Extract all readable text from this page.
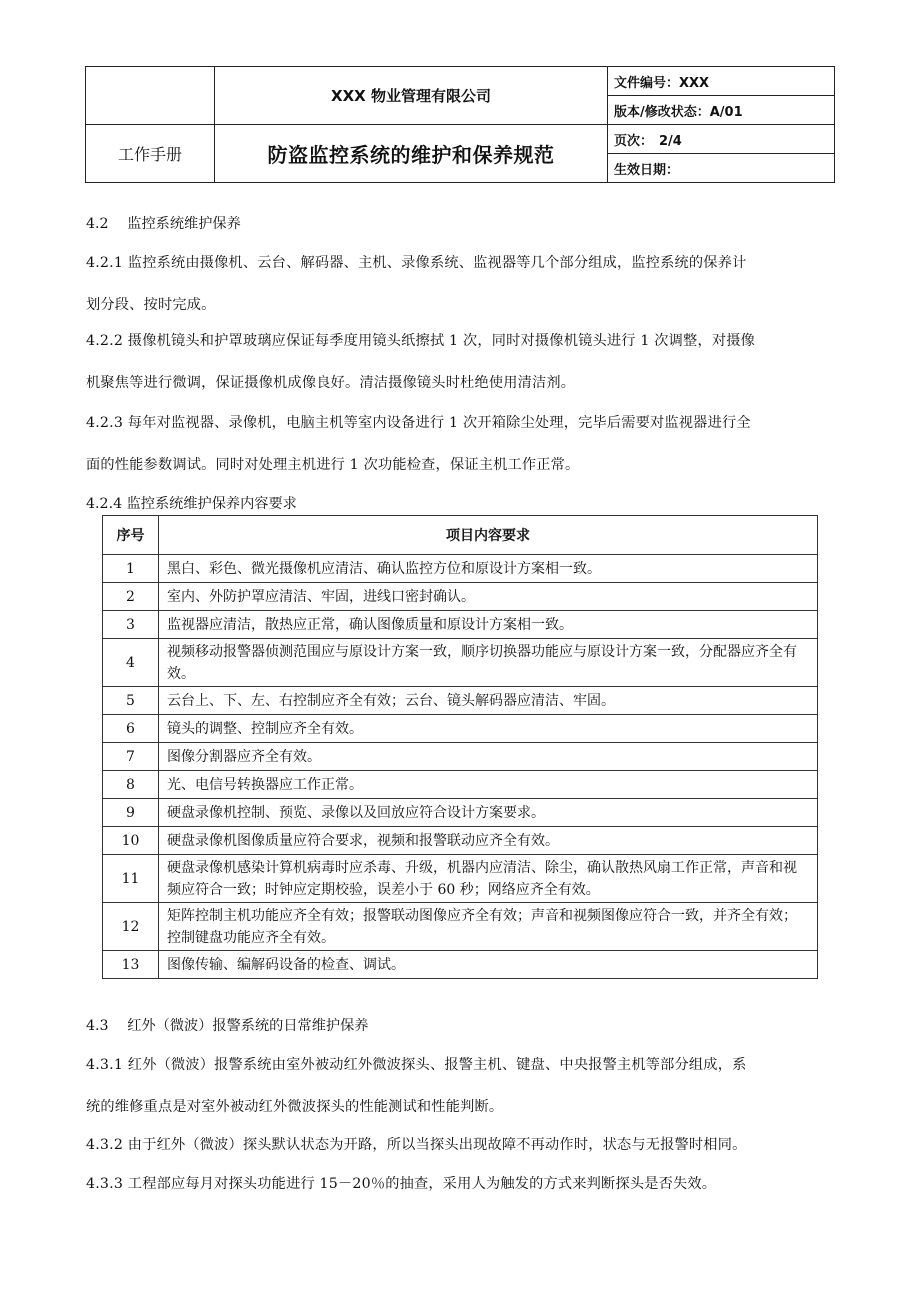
	XXX 物业管理有限公司	文件编号：XXX
		版本/修改状态：A/01
工作手册	防盗监控系统的维护和保养规范	页次： 2/4
		生效日期：

4.2　 监控系统维护保养

4.2.1 监控系统由摄像机、云台、解码器、主机、录像系统、监视器等几个部分组成，监控系统的保养计
划分段、按时完成。
4.2.2 摄像机镜头和护罩玻璃应保证每季度用镜头纸擦拭 1 次，同时对摄像机镜头进行 1 次调整，对摄像
机聚焦等进行微调，保证摄像机成像良好。清洁摄像镜头时杜绝使用清洁剂。
4.2.3 每年对监视器、录像机，电脑主机等室内设备进行 1 次开箱除尘处理，完毕后需要对监视器进行全
面的性能参数调试。同时对处理主机进行 1 次功能检查，保证主机工作正常。

4.2.4 监控系统维护保养内容要求

序号	项目内容要求
1	黑白、彩色、微光摄像机应清洁、确认监控方位和原设计方案相一致。
2	室内、外防护罩应清洁、牢固，进线口密封确认。
3	监视器应清洁，散热应正常，确认图像质量和原设计方案相一致。
4	视频移动报警器侦测范围应与原设计方案一致，顺序切换器功能应与原设计方案一致，分配器应齐全有效。
5	云台上、下、左、右控制应齐全有效；云台、镜头解码器应清洁、牢固。
6	镜头的调整、控制应齐全有效。
7	图像分割器应齐全有效。
8	光、电信号转换器应工作正常。
9	硬盘录像机控制、预览、录像以及回放应符合设计方案要求。
10	硬盘录像机图像质量应符合要求，视频和报警联动应齐全有效。
11	硬盘录像机感染计算机病毒时应杀毒、升级，机器内应清洁、除尘，确认散热风扇工作正常，声音和视频应符合一致；时钟应定期校验，误差小于 60 秒；网络应齐全有效。
12	矩阵控制主机功能应齐全有效；报警联动图像应齐全有效；声音和视频图像应符合一致，并齐全有效；控制键盘功能应齐全有效。
13	图像传输、编解码设备的检查、调试。

4.3　 红外（微波）报警系统的日常维护保养

4.3.1 红外（微波）报警系统由室外被动红外微波探头、报警主机、键盘、中央报警主机等部分组成，系
统的维修重点是对室外被动红外微波探头的性能测试和性能判断。
4.3.2 由于红外（微波）探头默认状态为开路，所以当探头出现故障不再动作时，状态与无报警时相同。
4.3.3 工程部应每月对探头功能进行 15－20％的抽查，采用人为触发的方式来判断探头是否失效。
